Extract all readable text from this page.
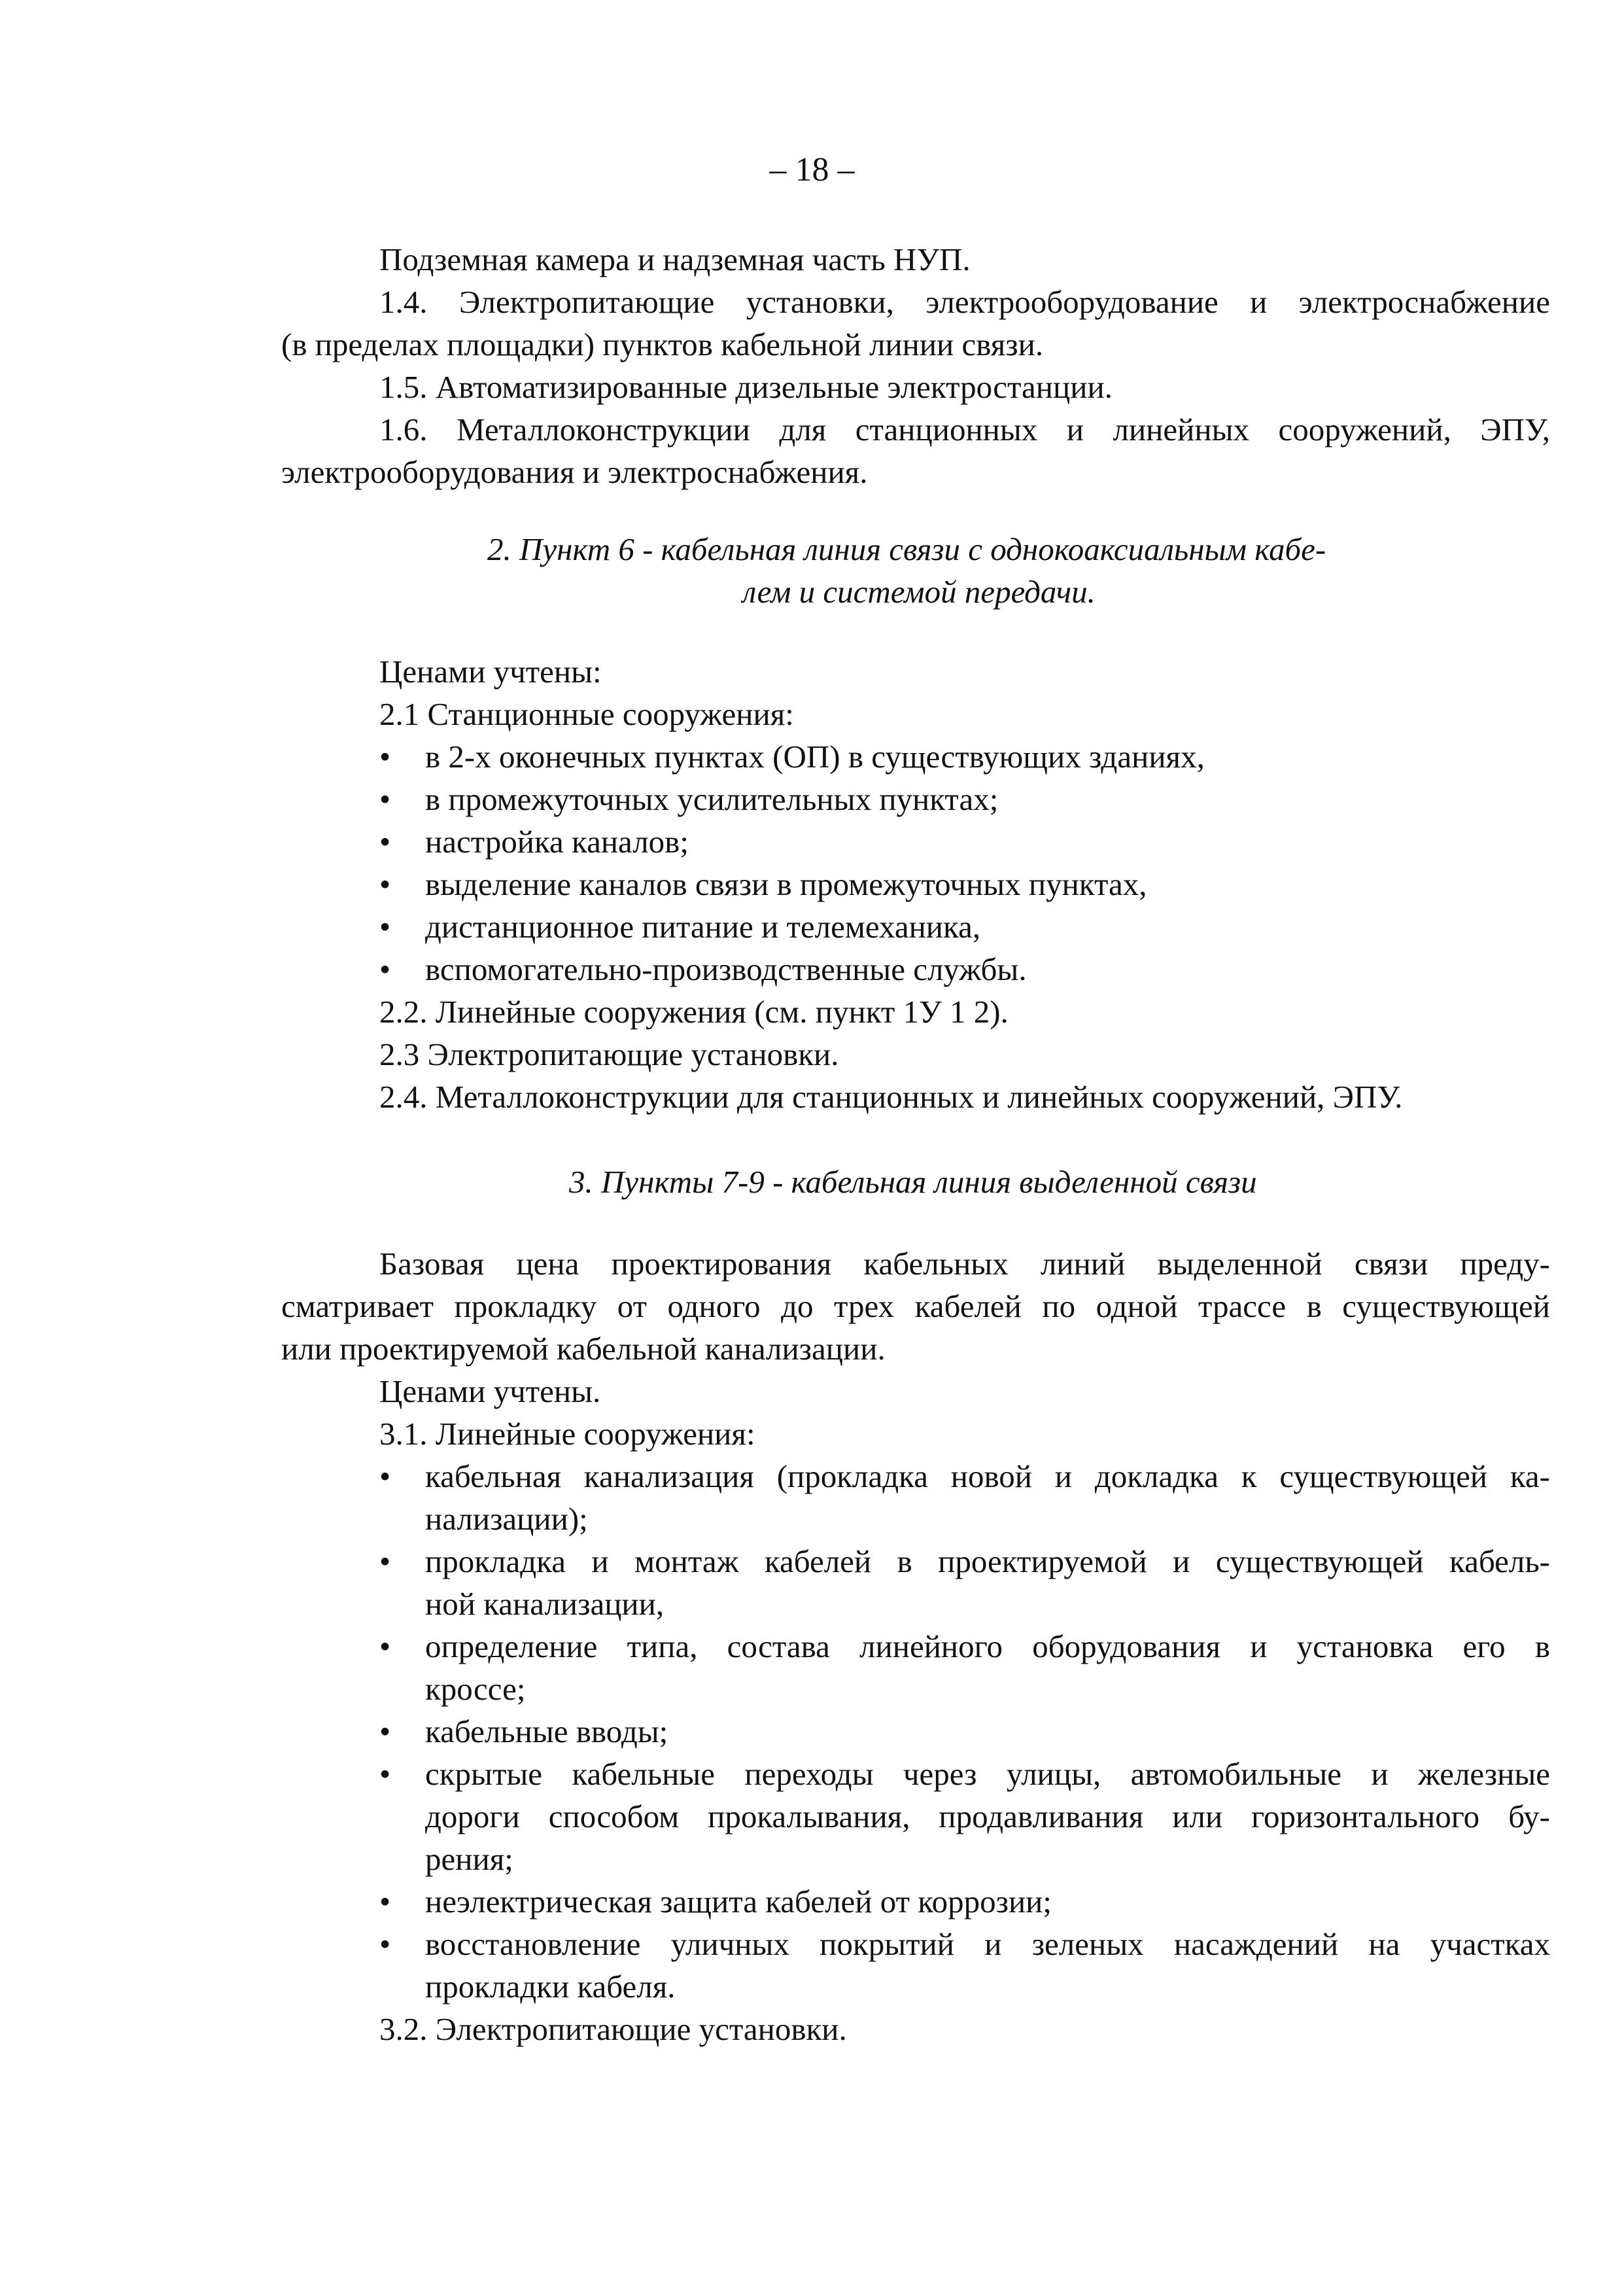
– 18 –
Подземная камера и надземная часть НУП.
1.4. Электропитающие установки, электрооборудование и электроснабжение
(в пределах площадки) пунктов кабельной линии связи.
1.5. Автоматизированные дизельные электростанции.
1.6. Металлоконструкции для станционных и линейных сооружений, ЭПУ,
электрооборудования и электроснабжения.
2. Пункт 6 - кабельная линия связи с однокоаксиальным кабе-
лем и системой передачи.
Ценами учтены:
2.1 Станционные сооружения:
• в 2-х оконечных пунктах (ОП) в существующих зданиях,
• в промежуточных усилительных пунктах;
• настройка каналов;
• выделение каналов связи в промежуточных пунктах,
• дистанционное питание и телемеханика,
• вспомогательно-производственные службы.
2.2. Линейные сооружения (см. пункт 1У 1 2).
2.3 Электропитающие установки.
2.4. Металлоконструкции для станционных и линейных сооружений, ЭПУ.
3. Пункты 7-9 - кабельная линия выделенной связи
Базовая цена проектирования кабельных линий выделенной связи преду-
сматривает прокладку от одного до трех кабелей по одной трассе в существующей
или проектируемой кабельной канализации.
Ценами учтены.
3.1. Линейные сооружения:
• кабельная канализация (прокладка новой и докладка к существующей ка-
нализации);
• прокладка и монтаж кабелей в проектируемой и существующей кабель-
ной канализации,
• определение типа, состава линейного оборудования и установка его в
кроссе;
• кабельные вводы;
• скрытые кабельные переходы через улицы, автомобильные и железные
дороги способом прокалывания, продавливания или горизонтального бу-
рения;
• неэлектрическая защита кабелей от коррозии;
• восстановление уличных покрытий и зеленых насаждений на участках
прокладки кабеля.
3.2. Электропитающие установки.
